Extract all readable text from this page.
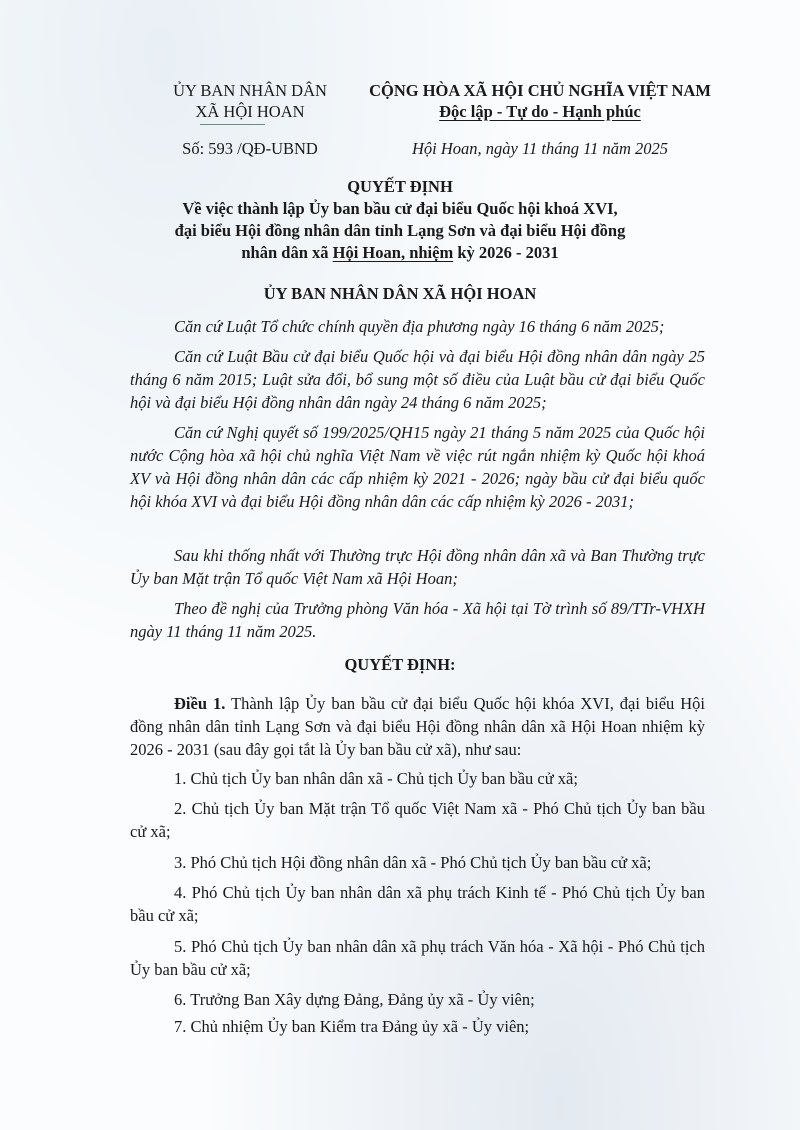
ỦY BAN NHÂN DÂN
XÃ HỘI HOAN
Số: 593 /QĐ-UBND
CỘNG HÒA XÃ HỘI CHỦ NGHĨA VIỆT NAM
Độc lập - Tự do - Hạnh phúc
Hội Hoan, ngày 11 tháng 11 năm 2025
QUYẾT ĐỊNH
Về việc thành lập Ủy ban bầu cử đại biểu Quốc hội khoá XVI,
đại biểu Hội đồng nhân dân tỉnh Lạng Sơn và đại biểu Hội đồng
nhân dân xã Hội Hoan, nhiệm kỳ 2026 - 2031
ỦY BAN NHÂN DÂN XÃ HỘI HOAN
Căn cứ Luật Tổ chức chính quyền địa phương ngày 16 tháng 6 năm 2025;
Căn cứ Luật Bầu cử đại biểu Quốc hội và đại biểu Hội đồng nhân dân ngày 25 tháng 6 năm 2015; Luật sửa đổi, bổ sung một số điều của Luật bầu cử đại biểu Quốc hội và đại biểu Hội đồng nhân dân ngày 24 tháng 6 năm 2025;
Căn cứ Nghị quyết số 199/2025/QH15 ngày 21 tháng 5 năm 2025 của Quốc hội nước Cộng hòa xã hội chủ nghĩa Việt Nam về việc rút ngắn nhiệm kỳ Quốc hội khoá XV và Hội đồng nhân dân các cấp nhiệm kỳ 2021 - 2026; ngày bầu cử đại biểu quốc hội khóa XVI và đại biểu Hội đồng nhân dân các cấp nhiệm kỳ 2026 - 2031;
Sau khi thống nhất với Thường trực Hội đồng nhân dân xã và Ban Thường trực Ủy ban Mặt trận Tổ quốc Việt Nam xã Hội Hoan;
Theo đề nghị của Trưởng phòng Văn hóa - Xã hội tại Tờ trình số 89/TTr-VHXH ngày 11 tháng 11 năm 2025.
QUYẾT ĐỊNH:
Điều 1. Thành lập Ủy ban bầu cử đại biểu Quốc hội khóa XVI, đại biểu Hội đồng nhân dân tỉnh Lạng Sơn và đại biểu Hội đồng nhân dân xã Hội Hoan nhiệm kỳ 2026 - 2031 (sau đây gọi tắt là Ủy ban bầu cử xã), như sau:
1. Chủ tịch Ủy ban nhân dân xã - Chủ tịch Ủy ban bầu cử xã;
2. Chủ tịch Ủy ban Mặt trận Tổ quốc Việt Nam xã - Phó Chủ tịch Ủy ban bầu cử xã;
3. Phó Chủ tịch Hội đồng nhân dân xã - Phó Chủ tịch Ủy ban bầu cử xã;
4. Phó Chủ tịch Ủy ban nhân dân xã phụ trách Kinh tế - Phó Chủ tịch Ủy ban bầu cử xã;
5. Phó Chủ tịch Ủy ban nhân dân xã phụ trách Văn hóa - Xã hội - Phó Chủ tịch Ủy ban bầu cử xã;
6. Trưởng Ban Xây dựng Đảng, Đảng ủy xã - Ủy viên;
7. Chủ nhiệm Ủy ban Kiểm tra Đảng ủy xã - Ủy viên;
